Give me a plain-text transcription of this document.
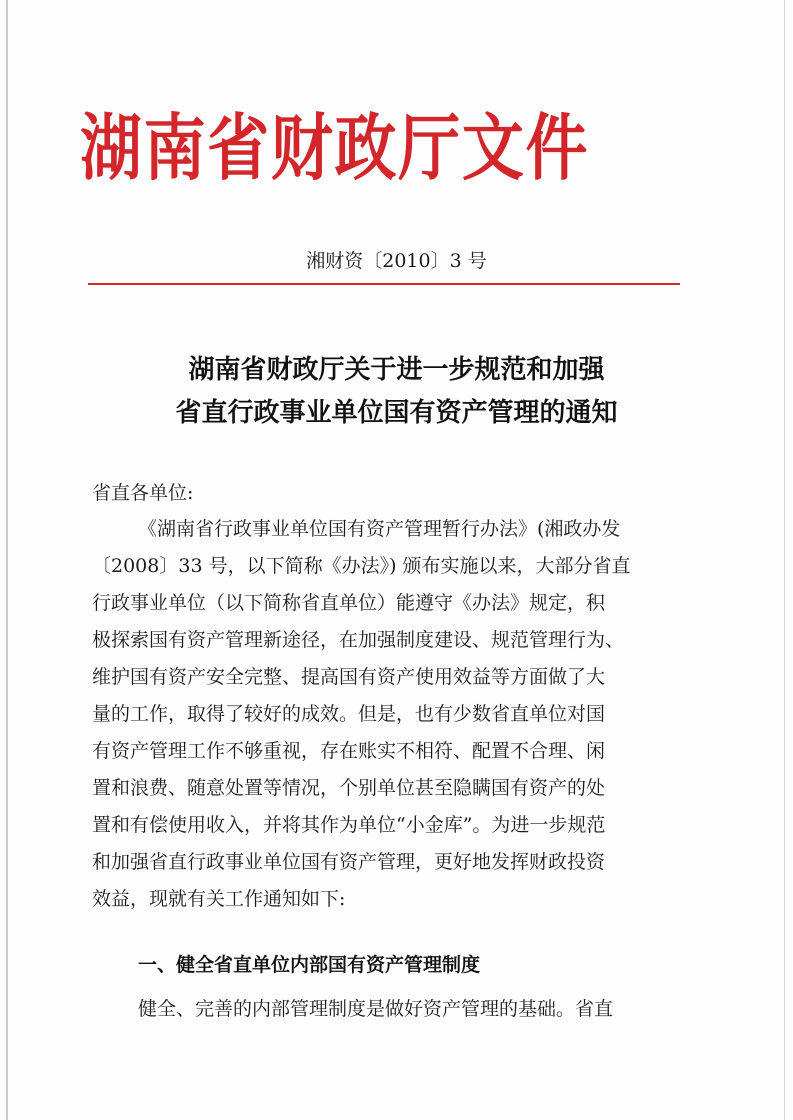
湖南省财政厅文件
湘财资〔2010〕3 号
湖南省财政厅关于进一步规范和加强
省直行政事业单位国有资产管理的通知
省直各单位:
《湖南省行政事业单位国有资产管理暂行办法》(湘政办发
〔2008〕33 号，以下简称《办法》) 颁布实施以来，大部分省直
行政事业单位（以下简称省直单位）能遵守《办法》规定，积
极探索国有资产管理新途径，在加强制度建设、规范管理行为、
维护国有资产安全完整、提高国有资产使用效益等方面做了大
量的工作，取得了较好的成效。但是，也有少数省直单位对国
有资产管理工作不够重视，存在账实不相符、配置不合理、闲
置和浪费、随意处置等情况，个别单位甚至隐瞒国有资产的处
置和有偿使用收入，并将其作为单位“小金库”。为进一步规范
和加强省直行政事业单位国有资产管理，更好地发挥财政投资
效益，现就有关工作通知如下:
一、健全省直单位内部国有资产管理制度
健全、完善的内部管理制度是做好资产管理的基础。省直
